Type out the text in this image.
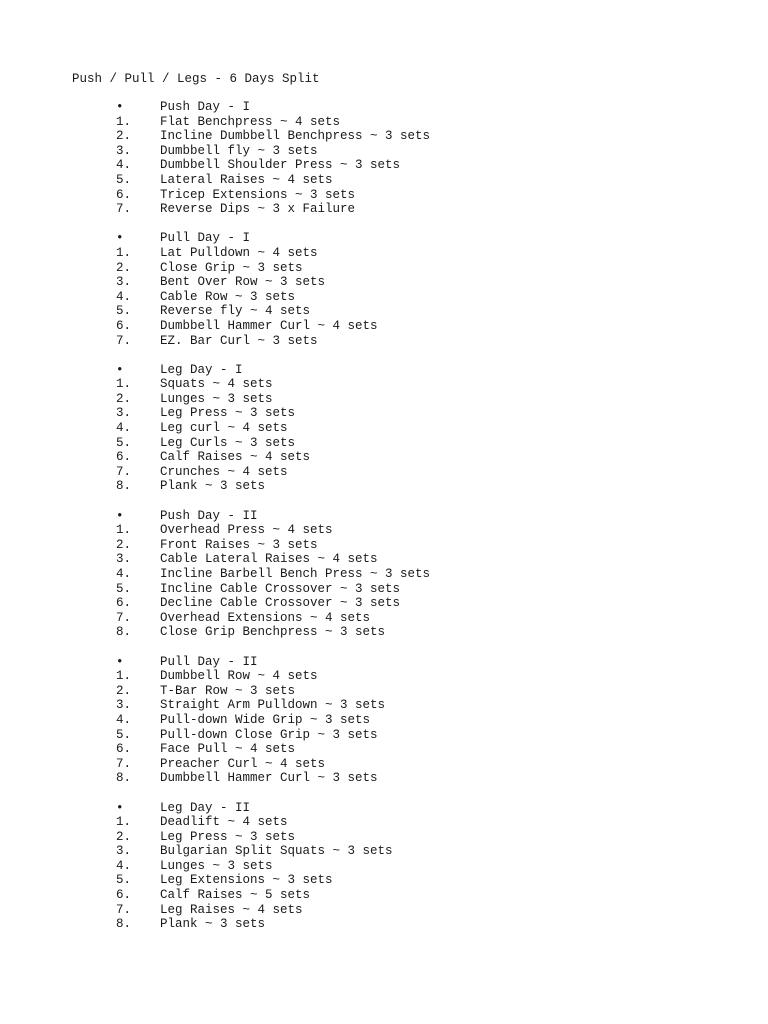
Push / Pull / Legs - 6 Days Split
•	Push Day - I
1. Flat Benchpress ~ 4 sets
2. Incline Dumbbell Benchpress ~ 3 sets
3. Dumbbell fly ~ 3 sets
4. Dumbbell Shoulder Press ~ 3 sets
5. Lateral Raises ~ 4 sets
6. Tricep Extensions ~ 3 sets
7. Reverse Dips ~ 3 x Failure
•	Pull Day - I
1. Lat Pulldown ~ 4 sets
2. Close Grip ~ 3 sets
3. Bent Over Row ~ 3 sets
4. Cable Row ~ 3 sets
5. Reverse fly ~ 4 sets
6. Dumbbell Hammer Curl ~ 4 sets
7. EZ. Bar Curl ~ 3 sets
•	Leg Day - I
1. Squats ~ 4 sets
2. Lunges ~ 3 sets
3. Leg Press ~ 3 sets
4. Leg curl ~ 4 sets
5. Leg Curls ~ 3 sets
6. Calf Raises ~ 4 sets
7. Crunches ~ 4 sets
8. Plank ~ 3 sets
•	Push Day - II
1. Overhead Press ~ 4 sets
2. Front Raises ~ 3 sets
3. Cable Lateral Raises ~ 4 sets
4. Incline Barbell Bench Press ~ 3 sets
5. Incline Cable Crossover ~ 3 sets
6. Decline Cable Crossover ~ 3 sets
7. Overhead Extensions ~ 4 sets
8. Close Grip Benchpress ~ 3 sets
•	Pull Day - II
1. Dumbbell Row ~ 4 sets
2. T-Bar Row ~ 3 sets
3. Straight Arm Pulldown ~ 3 sets
4. Pull-down Wide Grip ~ 3 sets
5. Pull-down Close Grip ~ 3 sets
6. Face Pull ~ 4 sets
7. Preacher Curl ~ 4 sets
8. Dumbbell Hammer Curl ~ 3 sets
•	Leg Day - II
1. Deadlift ~ 4 sets
2. Leg Press ~ 3 sets
3. Bulgarian Split Squats ~ 3 sets
4. Lunges ~ 3 sets
5. Leg Extensions ~ 3 sets
6. Calf Raises ~ 5 sets
7. Leg Raises ~ 4 sets
8. Plank ~ 3 sets
